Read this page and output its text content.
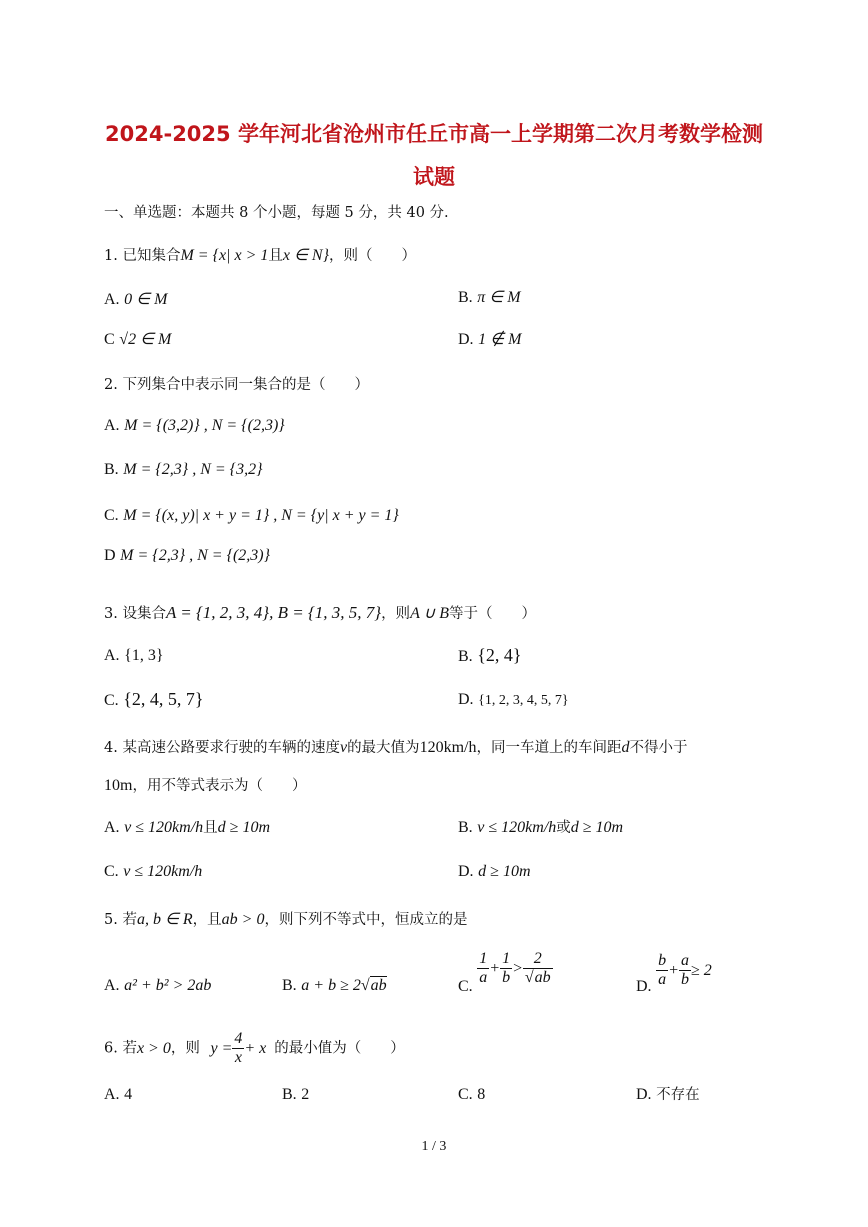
2024-2025 学年河北省沧州市任丘市高一上学期第二次月考数学检测
试题
一、单选题：本题共 8 个小题，每题 5 分，共 40 分.
1. 已知集合M = {x| x > 1且x ∈ N}，则（　　）
A. 0 ∈ M	B. π ∈ M
C √2 ∈ M	D. 1 ∉ M
2. 下列集合中表示同一集合的是（　　）
A. M = {(3,2)} , N = {(2,3)}
B. M = {2,3} , N = {3,2}
C. M = {(x, y)| x + y = 1} , N = {y| x + y = 1}
D M = {2,3} , N = {(2,3)}
3. 设集合A = {1, 2, 3, 4}, B = {1, 3, 5, 7}，则A ∪ B等于（　　）
A. {1, 3}	B. {2, 4}
C. {2, 4, 5, 7}	D. {1, 2, 3, 4, 5, 7}
4. 某高速公路要求行驶的车辆的速度v的最大值为120km/h，同一车道上的车间距d不得小于
10m，用不等式表示为（　　）
A. v ≤ 120km/h且d ≥ 10m	B. v ≤ 120km/h或d ≥ 10m
C. v ≤ 120km/h	D. d ≥ 10m
5. 若a, b ∈ R，且ab > 0，则下列不等式中，恒成立的是
A. a² + b² > 2ab	B. a + b ≥ 2√ab	C. $\frac{1}{a} + \frac{1}{b} > \frac{2}{√ab}$	D. $\frac{b}{a} + \frac{a}{b} \ge 2$
6. 若x > 0，则 $y = \frac{4}{x} + x$ 的最小值为（　　）
A. 4	B. 2	C. 8	D. 不存在
1 / 3
